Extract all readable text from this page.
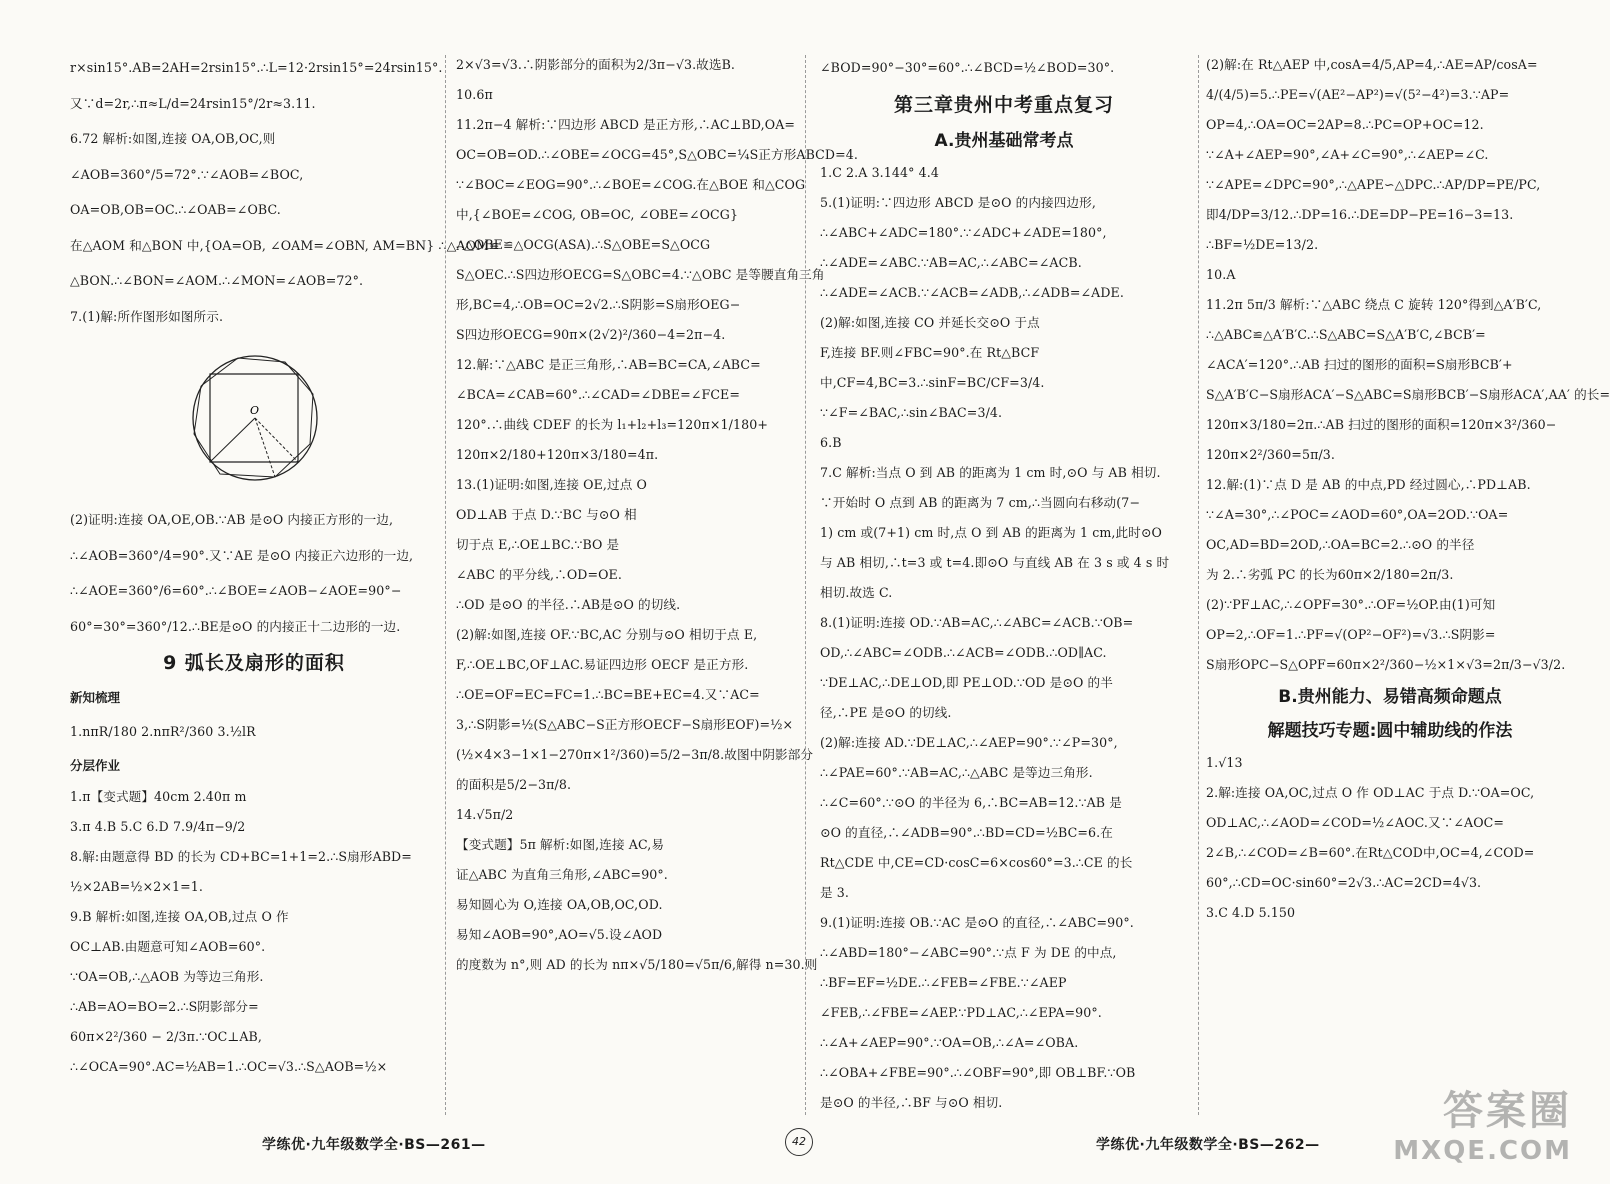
r×sin15°.AB=2AH=2rsin15°.∴L=12·2rsin15°=24rsin15°.
又∵d=2r,∴π≈L/d=24rsin15°/2r≈3.11.
6.72 解析:如图,连接 OA,OB,OC,则
∠AOB=360°/5=72°.∵∠AOB=∠BOC,
OA=OB,OB=OC.∴∠OAB=∠OBC.
在△AOM 和△BON 中,{OA=OB, ∠OAM=∠OBN, AM=BN} ∴△AOM≌
△BON.∴∠BON=∠AOM.∴∠MON=∠AOB=72°.
7.(1)解:所作图形如图所示.
O
(2)证明:连接 OA,OE,OB.∵AB 是⊙O 内接正方形的一边,
∴∠AOB=360°/4=90°.又∵AE 是⊙O 内接正六边形的一边,
∴∠AOE=360°/6=60°.∴∠BOE=∠AOB−∠AOE=90°−
60°=30°=360°/12.∴BE是⊙O 的内接正十二边形的一边.
9 弧长及扇形的面积
新知梳理
1.nπR/180 2.nπR²/360 3.½lR
分层作业
1.π【变式题】40cm 2.40π m
3.π 4.B 5.C 6.D 7.9/4π−9/2
8.解:由题意得 BD 的长为 CD+BC=1+1=2.∴S扇形ABD=
½×2AB=½×2×1=1.
9.B 解析:如图,连接 OA,OB,过点 O 作
OC⊥AB.由题意可知∠AOB=60°.
∵OA=OB,∴△AOB 为等边三角形.
∴AB=AO=BO=2.∴S阴影部分=
60π×2²/360 − 2/3π.∵OC⊥AB,
∴∠OCA=90°.AC=½AB=1.∴OC=√3.∴S△AOB=½×
2×√3=√3.∴阴影部分的面积为2/3π−√3.故选B.
10.6π
11.2π−4 解析:∵四边形 ABCD 是正方形,∴AC⊥BD,OA=
OC=OB=OD.∴∠OBE=∠OCG=45°,S△OBC=¼S正方形ABCD=4.
∵∠BOC=∠EOG=90°.∴∠BOE=∠COG.在△BOE 和△COG
中,{∠BOE=∠COG, OB=OC, ∠OBE=∠OCG}
∴△OBE≌△OCG(ASA).∴S△OBE=S△OCG
S△OEC.∴S四边形OECG=S△OBC=4.∵△OBC 是等腰直角三角
形,BC=4,∴OB=OC=2√2.∴S阴影=S扇形OEG−
S四边形OECG=90π×(2√2)²/360−4=2π−4.
12.解:∵△ABC 是正三角形,∴AB=BC=CA,∠ABC=
∠BCA=∠CAB=60°.∴∠CAD=∠DBE=∠FCE=
120°.∴曲线 CDEF 的长为 l₁+l₂+l₃=120π×1/180+
120π×2/180+120π×3/180=4π.
13.(1)证明:如图,连接 OE,过点 O
OD⊥AB 于点 D.∵BC 与⊙O 相
切于点 E,∴OE⊥BC.∵BO 是
∠ABC 的平分线,∴OD=OE.
∴OD 是⊙O 的半径.∴AB是⊙O 的切线.
(2)解:如图,连接 OF.∵BC,AC 分别与⊙O 相切于点 E,
F,∴OE⊥BC,OF⊥AC.易证四边形 OECF 是正方形.
∴OE=OF=EC=FC=1.∴BC=BE+EC=4.又∵AC=
3,∴S阴影=½(S△ABC−S正方形OECF−S扇形EOF)=½×
(½×4×3−1×1−270π×1²/360)=5/2−3π/8.故图中阴影部分
的面积是5/2−3π/8.
14.√5π/2
【变式题】5π 解析:如图,连接 AC,易
证△ABC 为直角三角形,∠ABC=90°.
易知圆心为 O,连接 OA,OB,OC,OD.
易知∠AOB=90°,AO=√5.设∠AOD
的度数为 n°,则 AD 的长为 nπ×√5/180=√5π/6,解得 n=30.则
∠BOD=90°−30°=60°.∴∠BCD=½∠BOD=30°.
第三章贵州中考重点复习
A.贵州基础常考点
1.C 2.A 3.144° 4.4
5.(1)证明:∵四边形 ABCD 是⊙O 的内接四边形,
∴∠ABC+∠ADC=180°.∵∠ADC+∠ADE=180°,
∴∠ADE=∠ABC.∵AB=AC,∴∠ABC=∠ACB.
∴∠ADE=∠ACB.∵∠ACB=∠ADB,∴∠ADB=∠ADE.
(2)解:如图,连接 CO 并延长交⊙O 于点
F,连接 BF.则∠FBC=90°.在 Rt△BCF
中,CF=4,BC=3.∴sinF=BC/CF=3/4.
∵∠F=∠BAC,∴sin∠BAC=3/4.
6.B
7.C 解析:当点 O 到 AB 的距离为 1 cm 时,⊙O 与 AB 相切.
∵开始时 O 点到 AB 的距离为 7 cm,∴当圆向右移动(7−
1) cm 或(7+1) cm 时,点 O 到 AB 的距离为 1 cm,此时⊙O
与 AB 相切,∴t=3 或 t=4.即⊙O 与直线 AB 在 3 s 或 4 s 时
相切.故选 C.
8.(1)证明:连接 OD.∵AB=AC,∴∠ABC=∠ACB.∵OB=
OD,∴∠ABC=∠ODB.∴∠ACB=∠ODB.∴OD∥AC.
∵DE⊥AC,∴DE⊥OD,即 PE⊥OD.∵OD 是⊙O 的半
径,∴PE 是⊙O 的切线.
(2)解:连接 AD.∵DE⊥AC,∴∠AEP=90°.∵∠P=30°,
∴∠PAE=60°.∵AB=AC,∴△ABC 是等边三角形.
∴∠C=60°.∵⊙O 的半径为 6,∴BC=AB=12.∵AB 是
⊙O 的直径,∴∠ADB=90°.∴BD=CD=½BC=6.在
Rt△CDE 中,CE=CD·cosC=6×cos60°=3.∴CE 的长
是 3.
9.(1)证明:连接 OB.∵AC 是⊙O 的直径,∴∠ABC=90°.
∴∠ABD=180°−∠ABC=90°.∵点 F 为 DE 的中点,
∴BF=EF=½DE.∴∠FEB=∠FBE.∵∠AEP
∠FEB,∴∠FBE=∠AEP.∵PD⊥AC,∴∠EPA=90°.
∴∠A+∠AEP=90°.∵OA=OB,∴∠A=∠OBA.
∴∠OBA+∠FBE=90°.∴∠OBF=90°,即 OB⊥BF.∵OB
是⊙O 的半径,∴BF 与⊙O 相切.
(2)解:在 Rt△AEP 中,cosA=4/5,AP=4,∴AE=AP/cosA=
4/(4/5)=5.∴PE=√(AE²−AP²)=√(5²−4²)=3.∵AP=
OP=4,∴OA=OC=2AP=8.∴PC=OP+OC=12.
∵∠A+∠AEP=90°,∠A+∠C=90°,∴∠AEP=∠C.
∵∠APE=∠DPC=90°,∴△APE∽△DPC.∴AP/DP=PE/PC,
即4/DP=3/12.∴DP=16.∴DE=DP−PE=16−3=13.
∴BF=½DE=13/2.
10.A
11.2π 5π/3 解析:∵△ABC 绕点 C 旋转 120°得到△A′B′C,
∴△ABC≌△A′B′C.∴S△ABC=S△A′B′C,∠BCB′=
∠ACA′=120°.∴AB 扫过的图形的面积=S扇形BCB′+
S△A′B′C−S扇形ACA′−S△ABC=S扇形BCB′−S扇形ACA′,AA′ 的长=
120π×3/180=2π.∴AB 扫过的图形的面积=120π×3²/360−
120π×2²/360=5π/3.
12.解:(1)∵点 D 是 AB 的中点,PD 经过圆心,∴PD⊥AB.
∵∠A=30°,∴∠POC=∠AOD=60°,OA=2OD.∵OA=
OC,AD=BD=2OD,∴OA=BC=2.∴⊙O 的半径
为 2.∴劣弧 PC 的长为60π×2/180=2π/3.
(2)∵PF⊥AC,∴∠OPF=30°.∴OF=½OP.由(1)可知
OP=2,∴OF=1.∴PF=√(OP²−OF²)=√3.∴S阴影=
S扇形OPC−S△OPF=60π×2²/360−½×1×√3=2π/3−√3/2.
B.贵州能力、易错高频命题点
解题技巧专题:圆中辅助线的作法
1.√13
2.解:连接 OA,OC,过点 O 作 OD⊥AC 于点 D.∵OA=OC,
OD⊥AC,∴∠AOD=∠COD=½∠AOC.又∵∠AOC=
2∠B,∴∠COD=∠B=60°.在Rt△COD中,OC=4,∠COD=
60°,∴CD=OC·sin60°=2√3.∴AC=2CD=4√3.
3.C 4.D 5.150
学练优·九年级数学全·BS—261—	42	学练优·九年级数学全·BS—262—
答案圈
MXQE.COM
